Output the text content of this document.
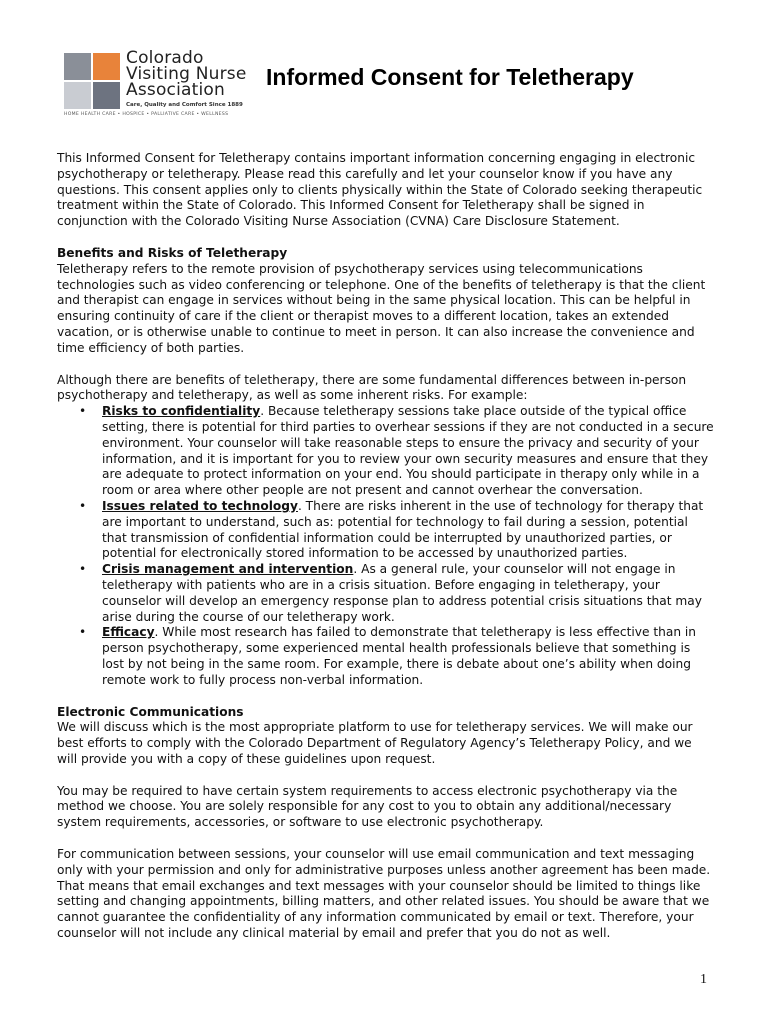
Colorado
Visiting Nurse
Association
Care, Quality and Comfort Since 1889
HOME HEALTH CARE • HOSPICE • PALLIATIVE CARE • WELLNESS
Informed Consent for Teletherapy

This Informed Consent for Teletherapy contains important information concerning engaging in electronic psychotherapy or teletherapy. Please read this carefully and let your counselor know if you have any questions. This consent applies only to clients physically within the State of Colorado seeking therapeutic treatment within the State of Colorado. This Informed Consent for Teletherapy shall be signed in conjunction with the Colorado Visiting Nurse Association (CVNA) Care Disclosure Statement.

Benefits and Risks of Teletherapy

Teletherapy refers to the remote provision of psychotherapy services using telecommunications technologies such as video conferencing or telephone. One of the benefits of teletherapy is that the client and therapist can engage in services without being in the same physical location. This can be helpful in ensuring continuity of care if the client or therapist moves to a different location, takes an extended vacation, or is otherwise unable to continue to meet in person. It can also increase the convenience and time efficiency of both parties.

Although there are benefits of teletherapy, there are some fundamental differences between in-person psychotherapy and teletherapy, as well as some inherent risks. For example:

• Risks to confidentiality. Because teletherapy sessions take place outside of the typical office setting, there is potential for third parties to overhear sessions if they are not conducted in a secure environment. Your counselor will take reasonable steps to ensure the privacy and security of your information, and it is important for you to review your own security measures and ensure that they are adequate to protect information on your end. You should participate in therapy only while in a room or area where other people are not present and cannot overhear the conversation.
• Issues related to technology. There are risks inherent in the use of technology for therapy that are important to understand, such as: potential for technology to fail during a session, potential that transmission of confidential information could be interrupted by unauthorized parties, or potential for electronically stored information to be accessed by unauthorized parties.
• Crisis management and intervention. As a general rule, your counselor will not engage in teletherapy with patients who are in a crisis situation. Before engaging in teletherapy, your counselor will develop an emergency response plan to address potential crisis situations that may arise during the course of our teletherapy work.
• Efficacy. While most research has failed to demonstrate that teletherapy is less effective than in person psychotherapy, some experienced mental health professionals believe that something is lost by not being in the same room. For example, there is debate about one’s ability when doing remote work to fully process non-verbal information.

Electronic Communications

We will discuss which is the most appropriate platform to use for teletherapy services. We will make our best efforts to comply with the Colorado Department of Regulatory Agency’s Teletherapy Policy, and we will provide you with a copy of these guidelines upon request.

You may be required to have certain system requirements to access electronic psychotherapy via the method we choose. You are solely responsible for any cost to you to obtain any additional/necessary system requirements, accessories, or software to use electronic psychotherapy.

For communication between sessions, your counselor will use email communication and text messaging only with your permission and only for administrative purposes unless another agreement has been made. That means that email exchanges and text messages with your counselor should be limited to things like setting and changing appointments, billing matters, and other related issues. You should be aware that we cannot guarantee the confidentiality of any information communicated by email or text. Therefore, your counselor will not include any clinical material by email and prefer that you do not as well.

1
